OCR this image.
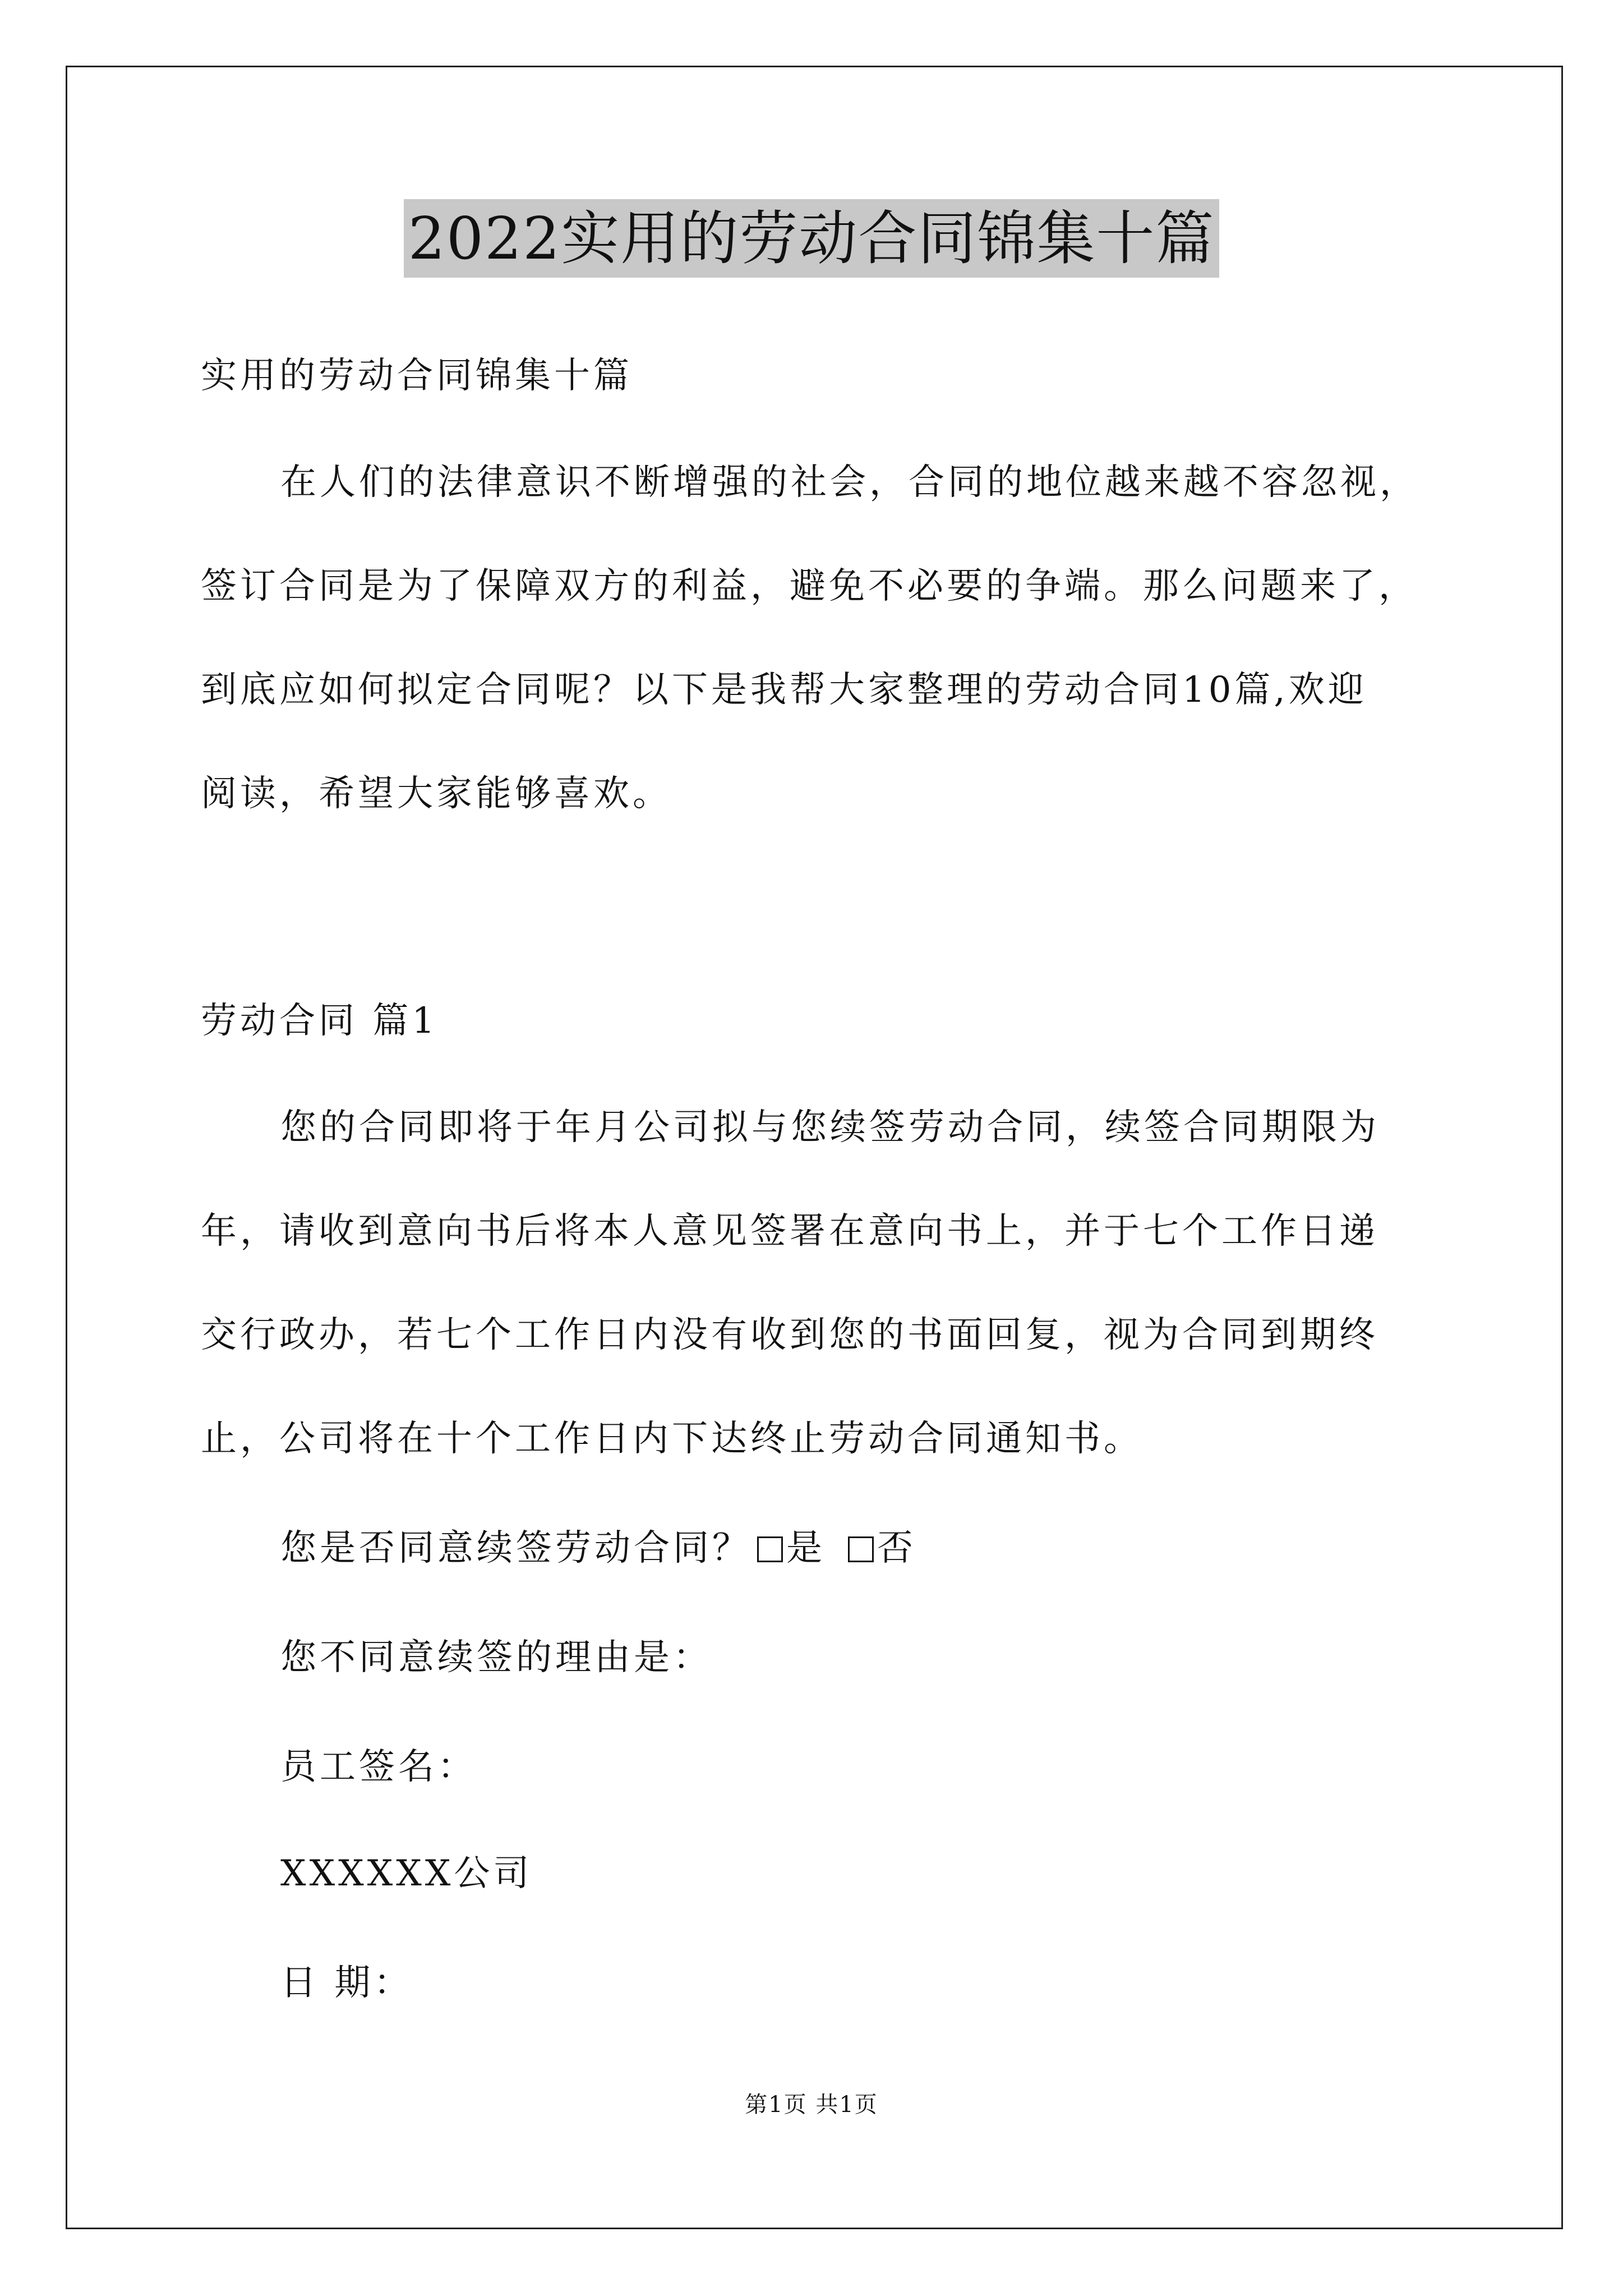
2022实用的劳动合同锦集十篇
实用的劳动合同锦集十篇
在人们的法律意识不断增强的社会，合同的地位越来越不容忽视，
签订合同是为了保障双方的利益，避免不必要的争端。那么问题来了，
到底应如何拟定合同呢？以下是我帮大家整理的劳动合同10篇,欢迎
阅读，希望大家能够喜欢。
劳动合同 篇1
您的合同即将于年月公司拟与您续签劳动合同，续签合同期限为
年，请收到意向书后将本人意见签署在意向书上，并于七个工作日递
交行政办，若七个工作日内没有收到您的书面回复，视为合同到期终
止，公司将在十个工作日内下达终止劳动合同通知书。
您是否同意续签劳动合同？ 是 否
您不同意续签的理由是：
员工签名：
XXXXXX公司
日 期：
第1页 共1页
